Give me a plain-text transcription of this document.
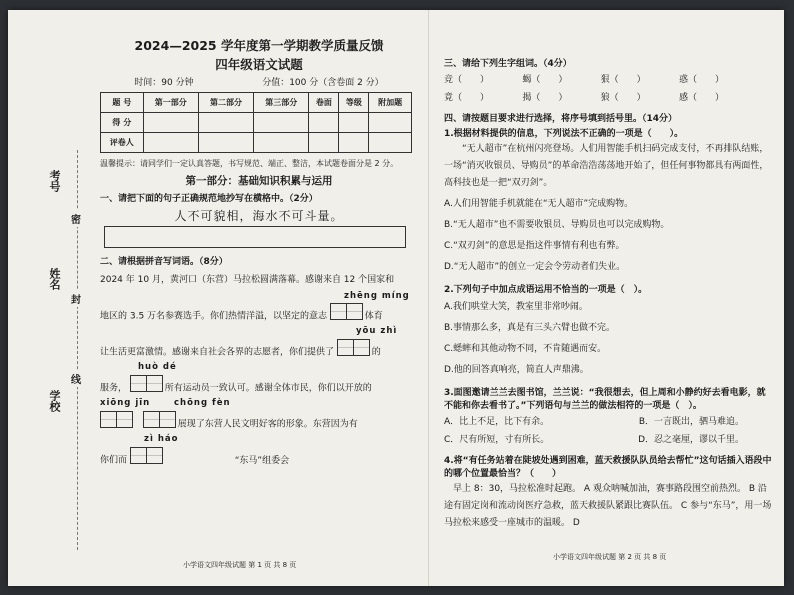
考号
姓名
学校
密
封
线

2024—2025 学年度第一学期教学质量反馈

四年级语文试题

时间：90 分钟	分值：100 分（含卷面 2 分）
题 号	第一部分	第二部分	第三部分	卷面	等级	附加题
得 分						
评卷人						

温馨提示：请同学们一定认真答题，书写规范、端正、整洁，本试题卷面分是 2 分。

第一部分：基础知识积累与运用

一、请把下面的句子正确规范地抄写在横格中。（2分）

人不可貌相，海水不可斗量。

二、请根据拼音写词语。（8分）

2024 年 10 月，黄河口（东营）马拉松圆满落幕。感谢来自 12 个国家和

zhēng míng

地区的 3.5 万名参赛选手。你们热情洋溢，以坚定的意志	体育

yōu zhì

让生活更富激情。感谢来自社会各界的志愿者，你们提供了	的

huò dé

服务，	所有运动员一致认可。感谢全体市民，你们以开放的

xiōng jīn	chōng fèn

展现了东营人民文明好客的形象。东营因为有

zì háo

你们而	“东马”组委会

小学语文四年级试题 第 1 页 共 8 页

三、请给下列生字组词。（4分）

竞（　　）	蝎（　　）	狠（　　）	惑（　　）
竟（　　）	揭（　　）	狼（　　）	感（　　）

四、请按题目要求进行选择，将序号填到括号里。（14分）

1.根据材料提供的信息，下列说法不正确的一项是（　　）。

“无人超市”在杭州闪亮登场。人们用智能手机扫码完成支付，不再排队结账，一场“消灭收银员、导购员”的革命浩浩荡荡地开始了，但任何事物都具有两面性，高科技也是一把“双刃剑”。

A.人们用智能手机就能在“无人超市”完成购物。

B.“无人超市”也不需要收银员、导购员也可以完成购物。

C.“双刃剑”的意思是指这件事情有利也有弊。

D.“无人超市”的创立一定会令劳动者们失业。

2.下列句子中加点成语运用不恰当的一项是（　）。

A.我们哄堂大笑，教室里非常吵闹。

B.事情那么多，真是有三头六臂也做不完。

C.蟋蟀和其他动物不同，不肯随遇而安。

D.他的回答真响亮，简直人声鼎沸。

3.面图邀请兰兰去图书馆，兰兰说：“我很想去，但上周和小静约好去看电影，就不能和你去看书了。”下列语句与兰兰的做法相符的一项是（　）。

A．比上不足，比下有余。	B．一言既出，驷马难追。
C．尺有所短，寸有所长。	D．忍之毫厘，谬以千里。

4.将“有任务站着在陡坡处遇到困难，蓝天救援队队员给去帮忙”这句话插入语段中的哪个位置最恰当？（　　）

早上 8：30，马拉松准时起跑。 A 观众呐喊加油，赛事路段围空前热烈。 B 沿途有固定岗和流动岗医疗急救，蓝天救援队紧跟比赛队伍。 C 参与“东马”，用一场马拉松来感受一座城市的温暖。 D

小学语文四年级试题 第 2 页 共 8 页
